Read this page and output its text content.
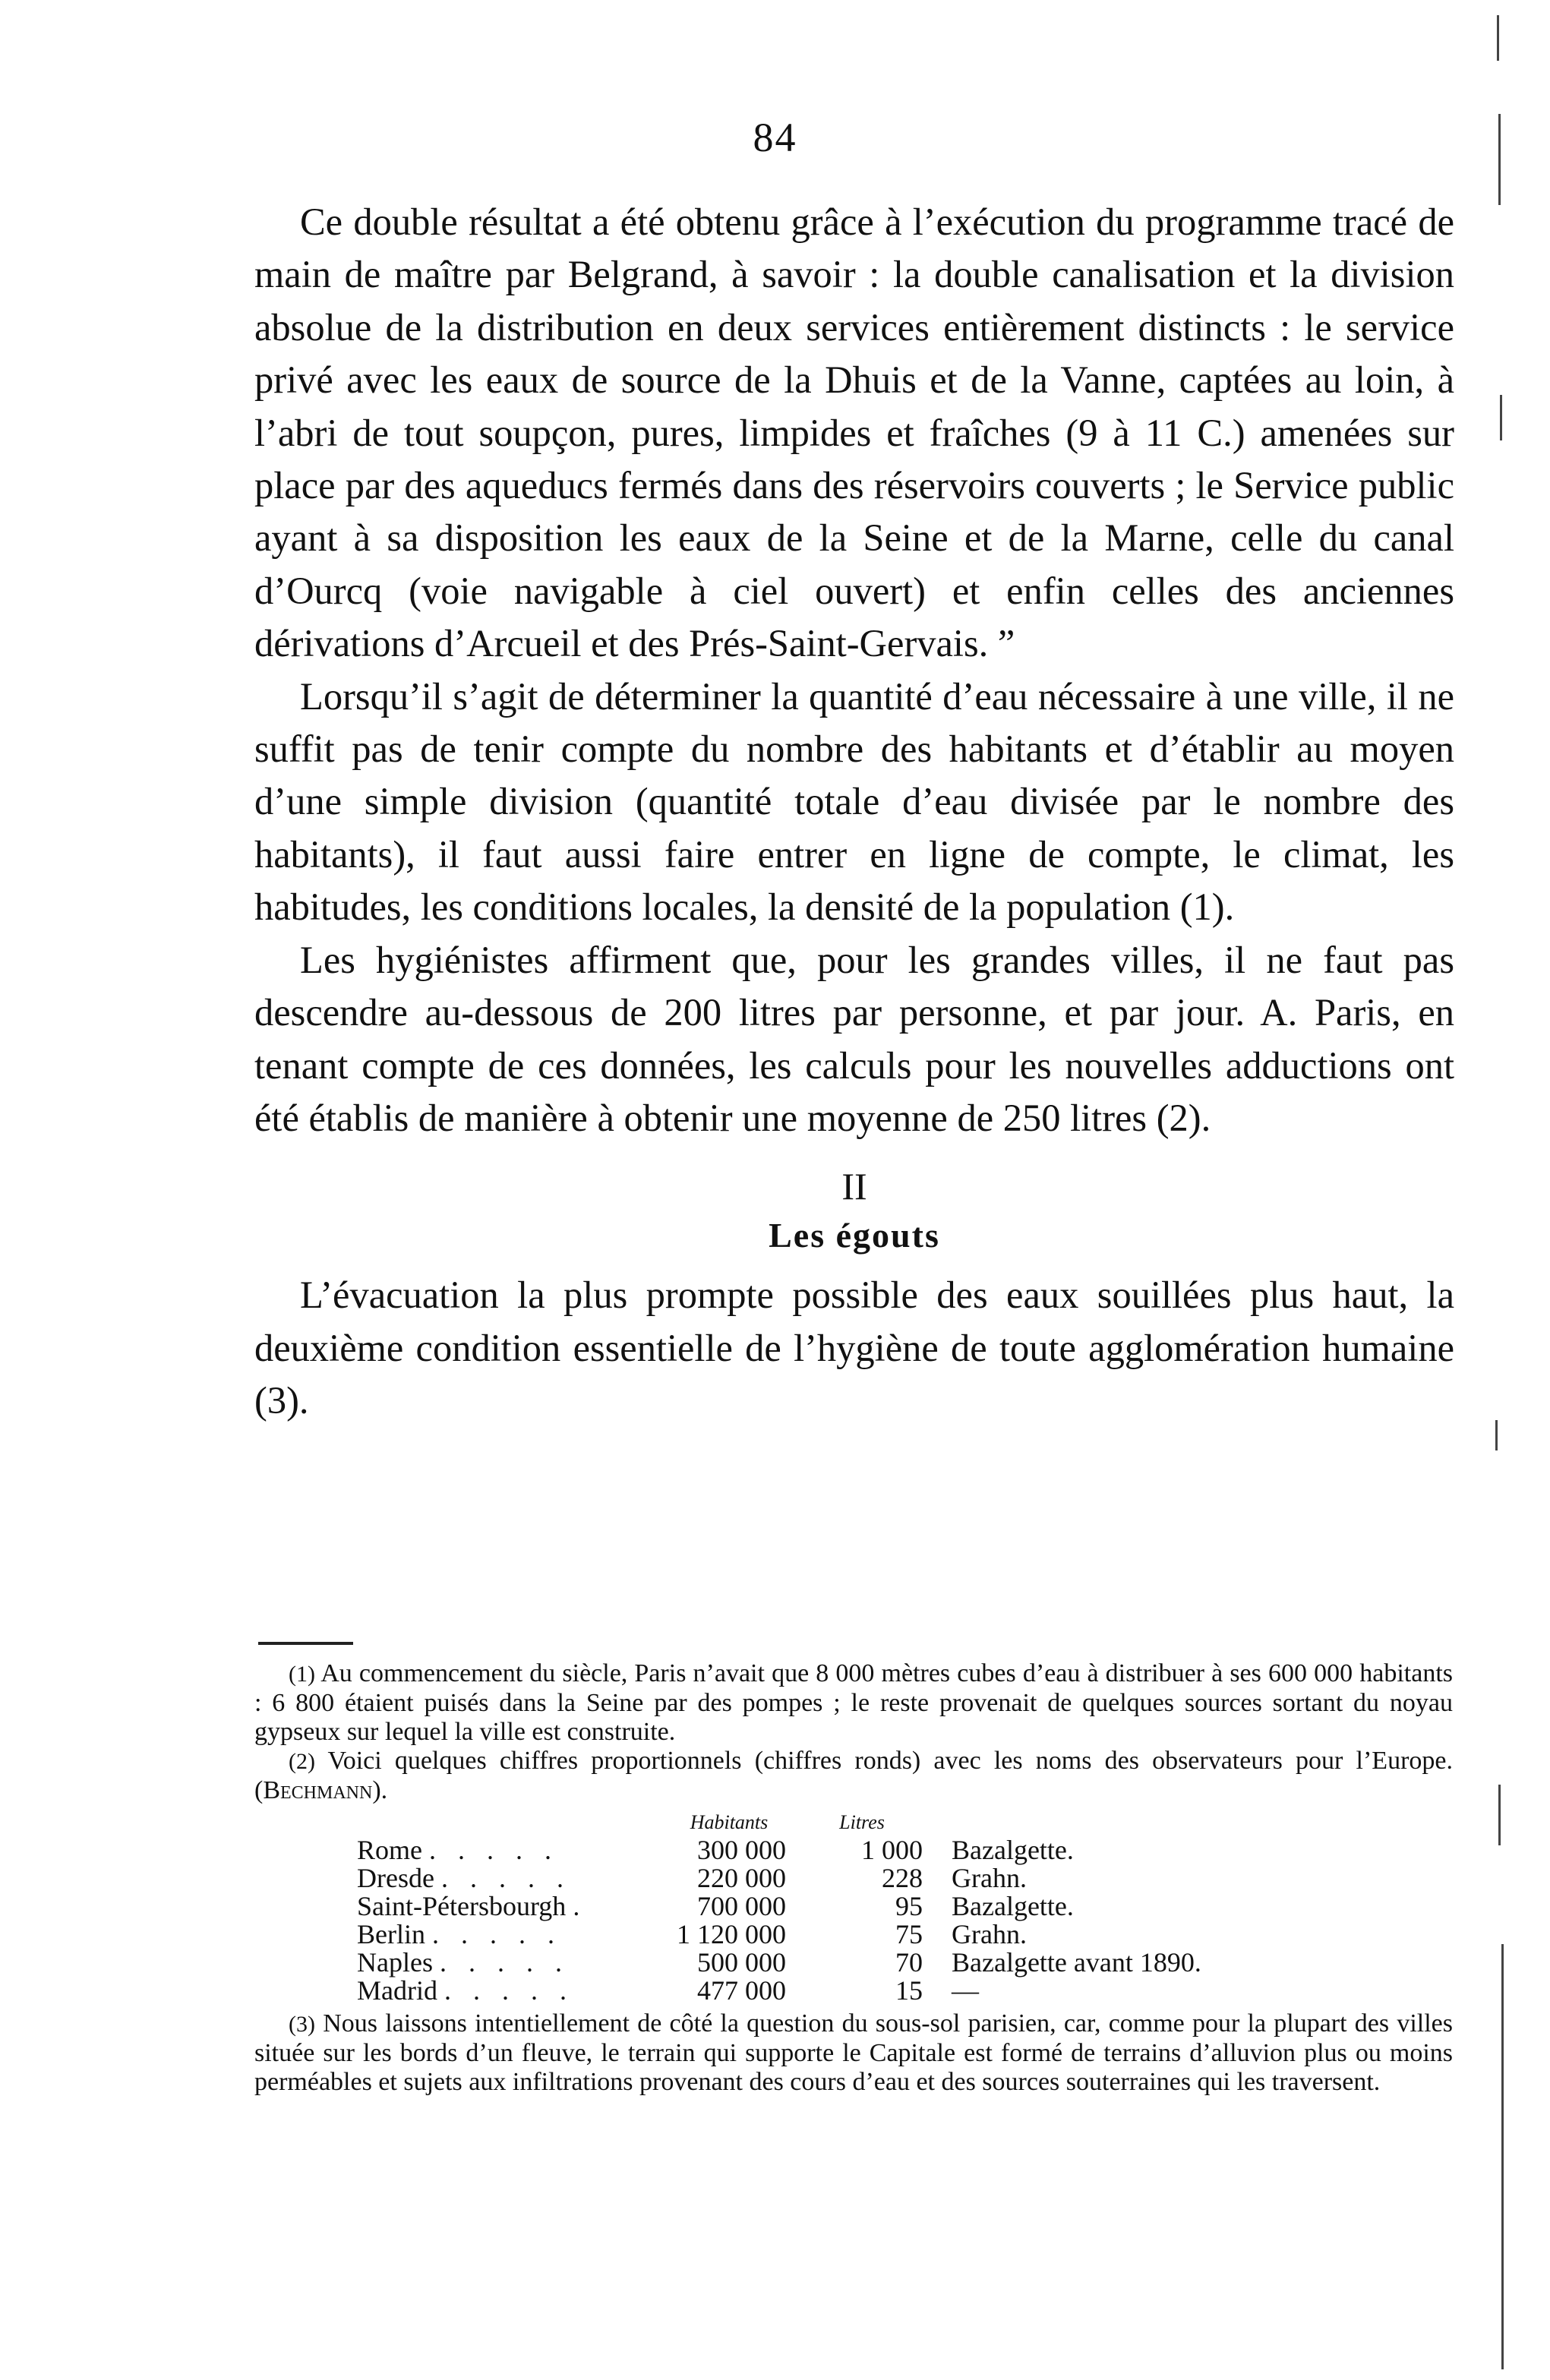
84

Ce double résultat a été obtenu grâce à l’exécution du programme tracé de main de maître par Belgrand, à savoir : la double canalisation et la division absolue de la distribution en deux services entièrement distincts : le service privé avec les eaux de source de la Dhuis et de la Vanne, captées au loin, à l’abri de tout soupçon, pures, limpides et fraîches (9 à 11 C.) amenées sur place par des aqueducs fermés dans des réservoirs couverts ; le Service public ayant à sa disposition les eaux de la Seine et de la Marne, celle du canal d’Ourcq (voie navigable à ciel ouvert) et enfin celles des anciennes dérivations d’Arcueil et des Prés-Saint-Gervais. ”

Lorsqu’il s’agit de déterminer la quantité d’eau nécessaire à une ville, il ne suffit pas de tenir compte du nombre des habitants et d’établir au moyen d’une simple division (quantité totale d’eau divisée par le nombre des habitants), il faut aussi faire entrer en ligne de compte, le climat, les habitudes, les conditions locales, la densité de la population (1).

Les hygiénistes affirment que, pour les grandes villes, il ne faut pas descendre au-dessous de 200 litres par personne, et par jour. A. Paris, en tenant compte de ces données, les calculs pour les nouvelles adductions ont été établis de manière à obtenir une moyenne de 250 litres (2).

II
Les égouts

L’évacuation la plus prompte possible des eaux souillées plus haut, la deuxième condition essentielle de l’hygiène de toute agglomération humaine (3).

(1) Au commencement du siècle, Paris n’avait que 8 000 mètres cubes d’eau à distribuer à ses 600 000 habitants : 6 800 étaient puisés dans la Seine par des pompes ; le reste provenait de quelques sources sortant du noyau gypseux sur lequel la ville est construite.

(2) Voici quelques chiffres proportionnels (chiffres ronds) avec les noms des observateurs pour l’Europe. (Bechmann).

	Habitants	Litres	
Rome . . . . .	300 000	1 000	Bazalgette.
Dresde . . . . .	220 000	228	Grahn.
Saint-Pétersbourgh .	700 000	95	Bazalgette.
Berlin . . . . .	1 120 000	75	Grahn.
Naples . . . . .	500 000	70	Bazalgette avant 1890.
Madrid . . . . .	477 000	15	—

(3) Nous laissons intentiellement de côté la question du sous-sol parisien, car, comme pour la plupart des villes située sur les bords d’un fleuve, le terrain qui supporte le Capitale est formé de terrains d’alluvion plus ou moins perméables et sujets aux infiltrations provenant des cours d’eau et des sources souterraines qui les traversent.
